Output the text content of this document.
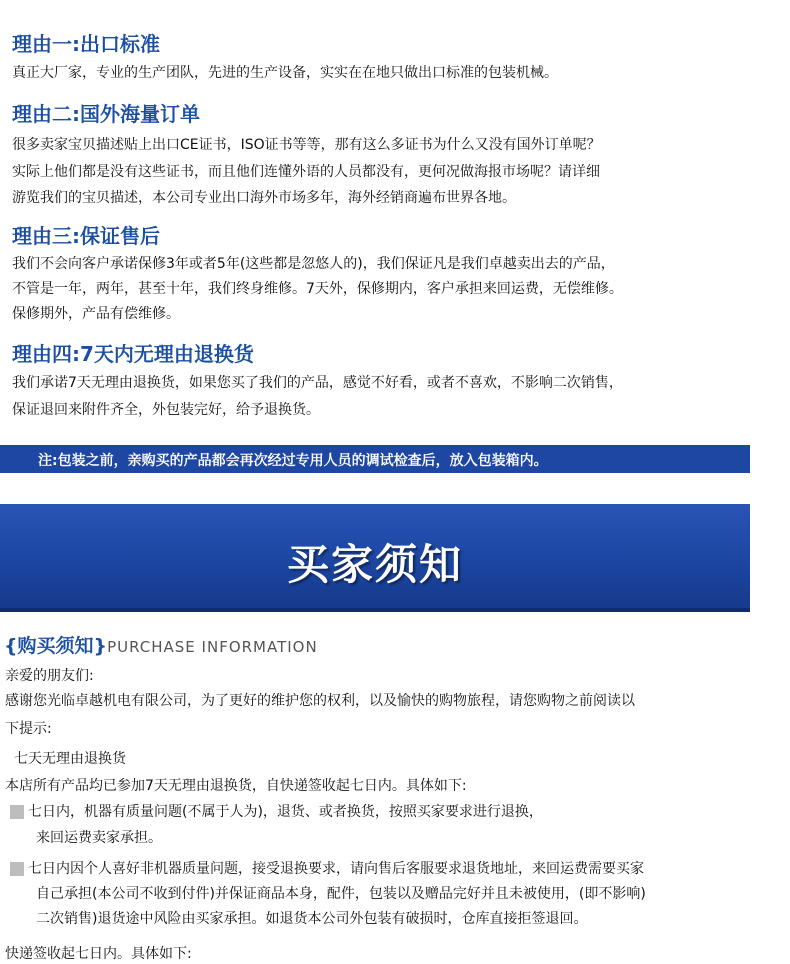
理由一:出口标准
真正大厂家，专业的生产团队，先进的生产设备，实实在在地只做出口标准的包装机械。
理由二:国外海量订单
很多卖家宝贝描述贴上出口CE证书，ISO证书等等，那有这么多证书为什么又没有国外订单呢？
实际上他们都是没有这些证书，而且他们连懂外语的人员都没有，更何况做海报市场呢？请详细
游览我们的宝贝描述，本公司专业出口海外市场多年，海外经销商遍布世界各地。
理由三:保证售后
我们不会向客户承诺保修3年或者5年(这些都是忽悠人的)，我们保证凡是我们卓越卖出去的产品，
不管是一年，两年，甚至十年，我们终身维修。7天外，保修期内，客户承担来回运费，无偿维修。
保修期外，产品有偿维修。
理由四:7天内无理由退换货
我们承诺7天无理由退换货，如果您买了我们的产品，感觉不好看，或者不喜欢，不影响二次销售，
保证退回来附件齐全，外包装完好，给予退换货。
注:包装之前，亲购买的产品都会再次经过专用人员的调试检查后，放入包装箱内。
买家须知
{购买须知}PURCHASE INFORMATION
亲爱的朋友们:
感谢您光临卓越机电有限公司，为了更好的维护您的权利，以及愉快的购物旅程，请您购物之前阅读以
下提示:
七天无理由退换货
本店所有产品均已参加7天无理由退换货，自快递签收起七日内。具体如下:
七日内，机器有质量问题(不属于人为)，退货、或者换货，按照买家要求进行退换，
来回运费卖家承担。
七日内因个人喜好非机器质量问题，接受退换要求，请向售后客服要求退货地址，来回运费需要买家
自己承担(本公司不收到付件)并保证商品本身，配件，包装以及赠品完好并且未被使用，(即不影响)
二次销售)退货途中风险由买家承担。如退货本公司外包装有破损时，仓库直接拒签退回。
快递签收起七日内。具体如下:
